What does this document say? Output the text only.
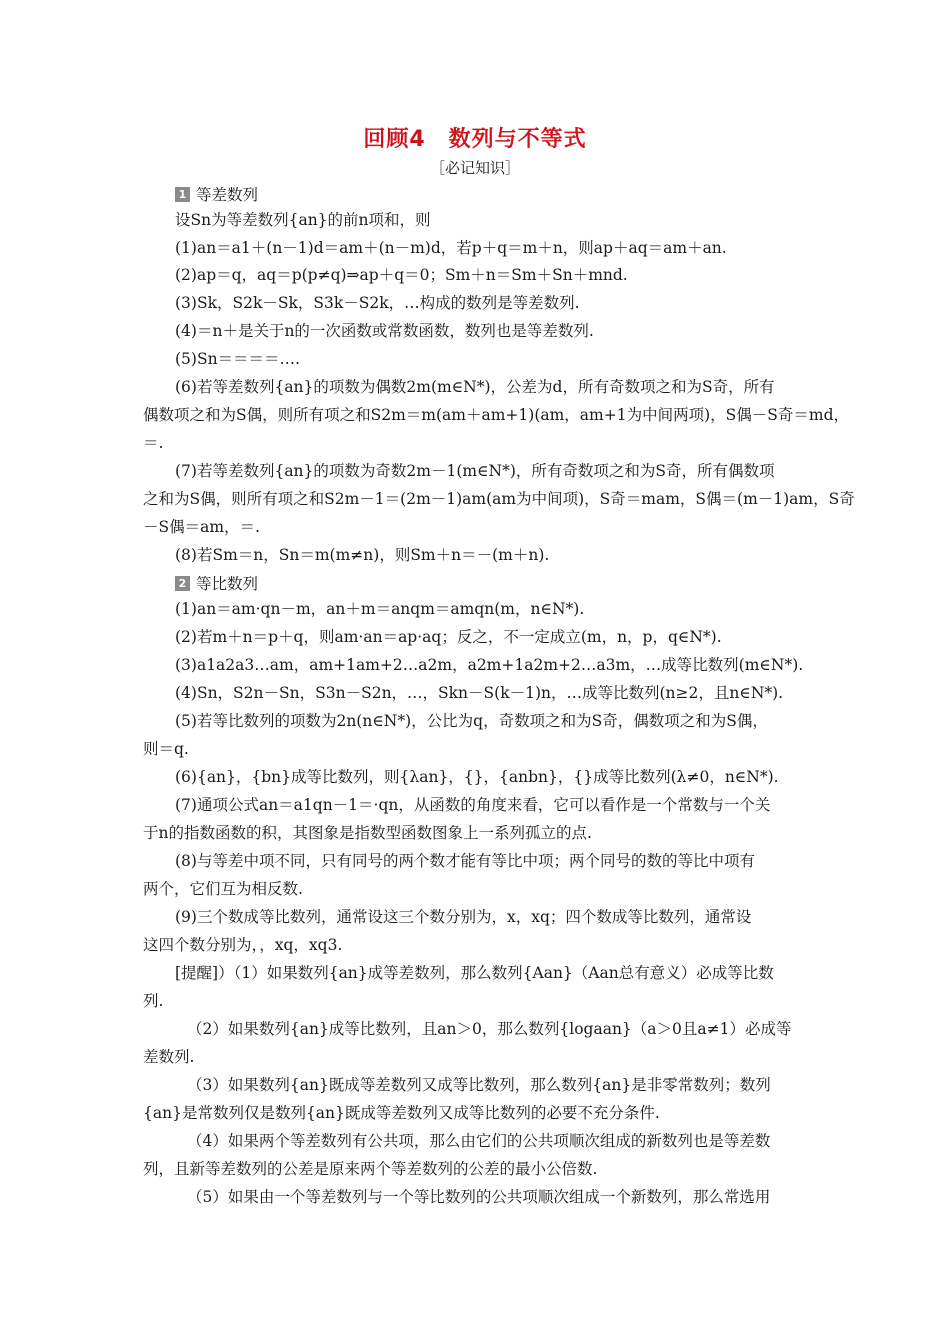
回顾4　数列与不等式
［必记知识］
1 等差数列
设Sn为等差数列{an}的前n项和，则
(1)an＝a1＋(n－1)d＝am＋(n－m)d，若p＋q＝m＋n，则ap＋aq＝am＋an.
(2)ap＝q，aq＝p(p≠q)⇒ap＋q＝0；Sm＋n＝Sm＋Sn＋mnd.
(3)Sk，S2k－Sk，S3k－S2k，…构成的数列是等差数列.
(4)＝n＋是关于n的一次函数或常数函数，数列也是等差数列.
(5)Sn＝＝＝＝….
(6)若等差数列{an}的项数为偶数2m(m∈N*)，公差为d，所有奇数项之和为S奇，所有
偶数项之和为S偶，则所有项之和S2m＝m(am＋am+1)(am，am+1为中间两项)，S偶－S奇＝md，
＝.
(7)若等差数列{an}的项数为奇数2m－1(m∈N*)，所有奇数项之和为S奇，所有偶数项
之和为S偶，则所有项之和S2m－1＝(2m－1)am(am为中间项)，S奇＝mam，S偶＝(m－1)am，S奇
－S偶＝am，＝.
(8)若Sm＝n，Sn＝m(m≠n)，则Sm＋n＝－(m＋n).
2 等比数列
(1)an＝am·qn－m，an＋m＝anqm＝amqn(m，n∈N*).
(2)若m＋n＝p＋q，则am·an＝ap·aq；反之，不一定成立(m，n，p，q∈N*).
(3)a1a2a3…am，am+1am+2…a2m，a2m+1a2m+2…a3m，…成等比数列(m∈N*).
(4)Sn，S2n－Sn，S3n－S2n，…，Skn－S(k－1)n，…成等比数列(n≥2，且n∈N*).
(5)若等比数列的项数为2n(n∈N*)，公比为q，奇数项之和为S奇，偶数项之和为S偶，
则＝q.
(6){an}，{bn}成等比数列，则{λan}，{}，{anbn}，{}成等比数列(λ≠0，n∈N*).
(7)通项公式an＝a1qn－1＝·qn，从函数的角度来看，它可以看作是一个常数与一个关
于n的指数函数的积，其图象是指数型函数图象上一系列孤立的点.
(8)与等差中项不同，只有同号的两个数才能有等比中项；两个同号的数的等比中项有
两个，它们互为相反数.
(9)三个数成等比数列，通常设这三个数分别为，x，xq；四个数成等比数列，通常设
这四个数分别为，，xq，xq3.
[提醒]）（1）如果数列{an}成等差数列，那么数列{Aan}（Aan总有意义）必成等比数
列.
（2）如果数列{an}成等比数列，且an＞0，那么数列{logaan}（a＞0且a≠1）必成等
差数列.
（3）如果数列{an}既成等差数列又成等比数列，那么数列{an}是非零常数列；数列
{an}是常数列仅是数列{an}既成等差数列又成等比数列的必要不充分条件.
（4）如果两个等差数列有公共项，那么由它们的公共项顺次组成的新数列也是等差数
列，且新等差数列的公差是原来两个等差数列的公差的最小公倍数.
（5）如果由一个等差数列与一个等比数列的公共项顺次组成一个新数列，那么常选用
